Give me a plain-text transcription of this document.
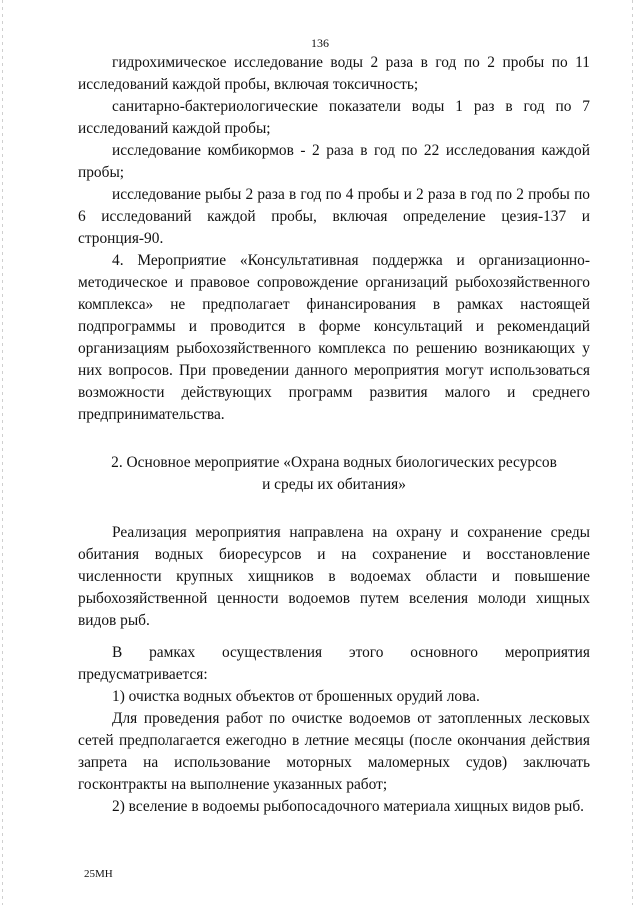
136

гидрохимическое исследование воды 2 раза в год по 2 пробы по 11 исследований каждой пробы, включая токсичность;

санитарно-бактериологические показатели воды 1 раз в год по 7 исследований каждой пробы;

исследование комбикормов - 2 раза в год по 22 исследования каждой пробы;

исследование рыбы 2 раза в год по 4 пробы и 2 раза в год по 2 пробы по 6 исследований каждой пробы, включая определение цезия-137 и стронция-90.

4. Мероприятие «Консультативная поддержка и организационно-методическое и правовое сопровождение организаций рыбохозяйственного комплекса» не предполагает финансирования в рамках настоящей подпрограммы и проводится в форме консультаций и рекомендаций организациям рыбохозяйственного комплекса по решению возникающих у них вопросов. При проведении данного мероприятия могут использоваться возможности действующих программ развития малого и среднего предпринимательства.

2. Основное мероприятие «Охрана водных биологических ресурсов
и среды их обитания»

Реализация мероприятия направлена на охрану и сохранение среды обитания водных биоресурсов и на сохранение и восстановление численности крупных хищников в водоемах области и повышение рыбохозяйственной ценности водоемов путем вселения молоди хищных видов рыб.

В рамках осуществления этого основного мероприятия предусматривается:

1) очистка водных объектов от брошенных орудий лова.

Для проведения работ по очистке водоемов от затопленных лесковых сетей предполагается ежегодно в летние месяцы (после окончания действия запрета на использование моторных маломерных судов) заключать госконтракты на выполнение указанных работ;

2) вселение в водоемы рыбопосадочного материала хищных видов рыб.

25МН
